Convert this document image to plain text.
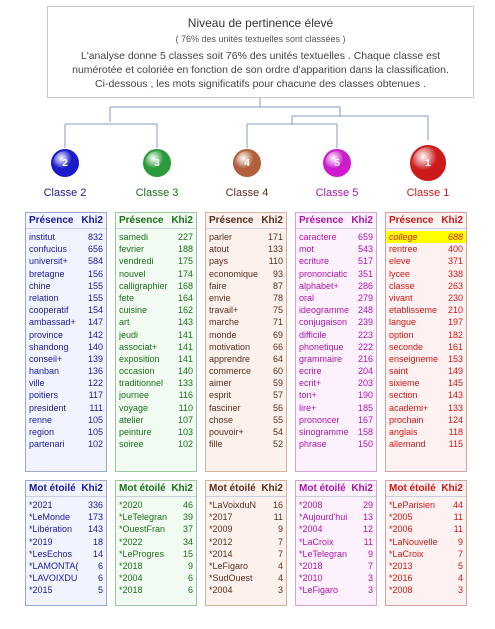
Niveau de pertinence élevé
( 76% des unités textuelles sont classées )
L'analyse donne 5 classes soit 76% des unités textuelles . Chaque classe est
numérotée et coloriée en fonction de son ordre d'apparition dans la classification.
Ci-dessous , les mots significatifs pour chacune des classes obtenues .
2
Classe 2
Présence Khi2
institut	832
confucius 656
universit+ 584
bretagne	156
chine	155
relation	155
cooperatif 154
ambassad+ 147
province	142
shandong 140
conseil+	139
hanban	136
ville	122
poitiers	117
president	111
renne	105
region	105
partenari	102
Mot étoilé Khi2
*2021	336
*LeMonde 173
*Libération 143
*2019	18
*LesEchos 14
*LAMONTA( 6
*LAVOIXDU 6
*2015	5
3
Classe 3
Présence Khi2
samedi	227
fevrier	188
vendredi	175
nouvel	174
calligraphier 168
fete	164
cuisine	162
art	143
jeudi	141
associat+ 141
exposition 141
occasion	140
traditionnel 133
journee	116
voyage	110
atelier	107
peinture	103
soiree	102
Mot étoilé Khi2
*2020	46
*LeTelegran 39
*OuestFran 37
*2022	34
*LeProgres 15
*2018	9
*2004	6
*2018	6
4
Classe 4
Présence Khi2
parler	171
atout	133
pays	110
economique 93
faire	87
envie	78
travail+	75
marche	71
monde	69
motivation	66
apprendre	64
commerce 60
aimer	59
esprit	57
fasciner	56
chose	55
pouvoir+	54
fille	52
Mot étoilé Khi2
*LaVoixduN 16
*2017	11
*2009	9
*2012	7
*2014	7
*LeFigaro	4
*SudOuest	4
*2004	3
5
Classe 5
Présence Khi2
caractere 659
mot	543
ecriture	517
prononciatic 351
alphabet+ 286
oral	279
ideogramme 248
conjugaison 239
difficile	223
phonetique 222
grammaire 216
ecrire	204
ecrit+	203
ton+	190
lire+	185
prononcer 167
sinogramme 158
phrase	150
Mot étoilé Khi2
*2008	29
*Aujourd'hui 13
*2004	12
*LaCroix	11
*LeTelegran 9
*2018	7
*2010	3
*LeFigaro	3
1
Classe 1
Présence Khi2
college	688
rentree	400
eleve	371
lycee	338
classe	263
vivant	230
etablisseme 210
langue	197
option	182
seconde	161
enseigneme 153
saint	149
sixieme	145
section	143
academi+ 133
prochain	124
anglais	118
allemand	115
Mot étoilé Khi2
*LeParisien 44
*2005	11
*2006	11
*LaNouvelle 9
*LaCroix	7
*2013	5
*2016	4
*2008	3
